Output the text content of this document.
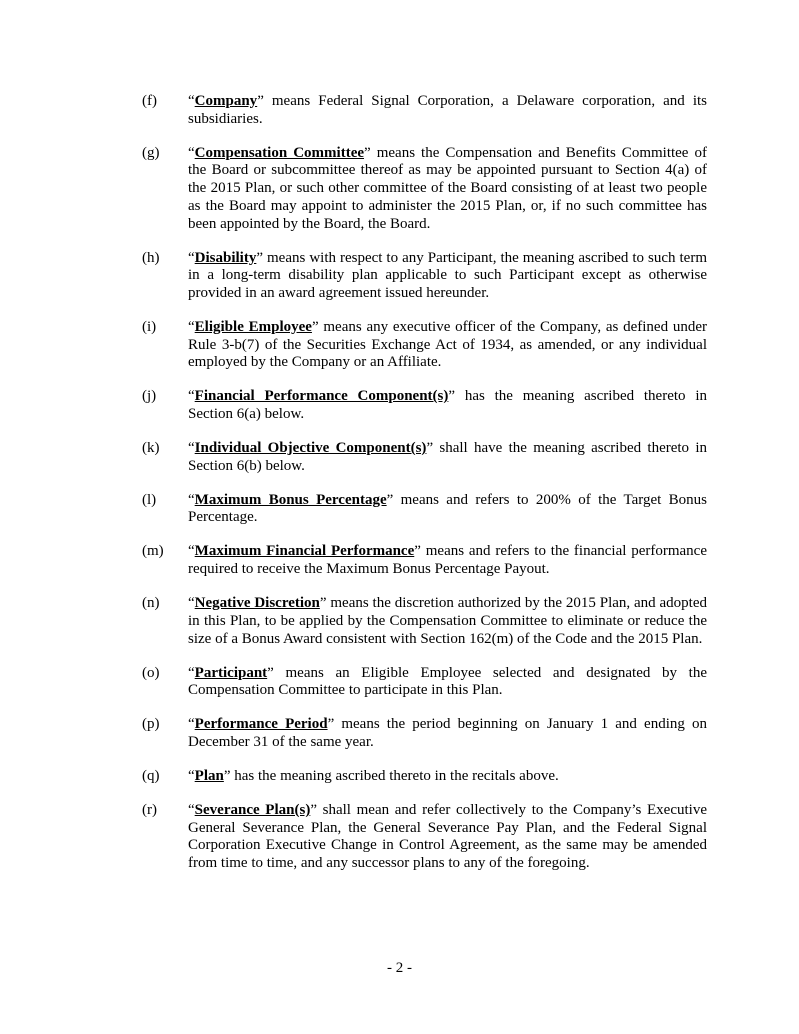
(f)	“Company” means Federal Signal Corporation, a Delaware corporation, and its subsidiaries.
(g)	“Compensation Committee” means the Compensation and Benefits Committee of the Board or subcommittee thereof as may be appointed pursuant to Section 4(a) of the 2015 Plan, or such other committee of the Board consisting of at least two people as the Board may appoint to administer the 2015 Plan, or, if no such committee has been appointed by the Board, the Board.
(h)	“Disability” means with respect to any Participant, the meaning ascribed to such term in a long-term disability plan applicable to such Participant except as otherwise provided in an award agreement issued hereunder.
(i)	“Eligible Employee” means any executive officer of the Company, as defined under Rule 3-b(7) of the Securities Exchange Act of 1934, as amended, or any individual employed by the Company or an Affiliate.
(j)	“Financial Performance Component(s)” has the meaning ascribed thereto in Section 6(a) below.
(k)	“Individual Objective Component(s)” shall have the meaning ascribed thereto in Section 6(b) below.
(l)	“Maximum Bonus Percentage” means and refers to 200% of the Target Bonus Percentage.
(m)	“Maximum Financial Performance” means and refers to the financial performance required to receive the Maximum Bonus Percentage Payout.
(n)	“Negative Discretion” means the discretion authorized by the 2015 Plan, and adopted in this Plan, to be applied by the Compensation Committee to eliminate or reduce the size of a Bonus Award consistent with Section 162(m) of the Code and the 2015 Plan.
(o)	“Participant” means an Eligible Employee selected and designated by the Compensation Committee to participate in this Plan.
(p)	“Performance Period” means the period beginning on January 1 and ending on December 31 of the same year.
(q)	“Plan” has the meaning ascribed thereto in the recitals above.
(r)	“Severance Plan(s)” shall mean and refer collectively to the Company’s Executive General Severance Plan, the General Severance Pay Plan, and the Federal Signal Corporation Executive Change in Control Agreement, as the same may be amended from time to time, and any successor plans to any of the foregoing.
- 2 -
